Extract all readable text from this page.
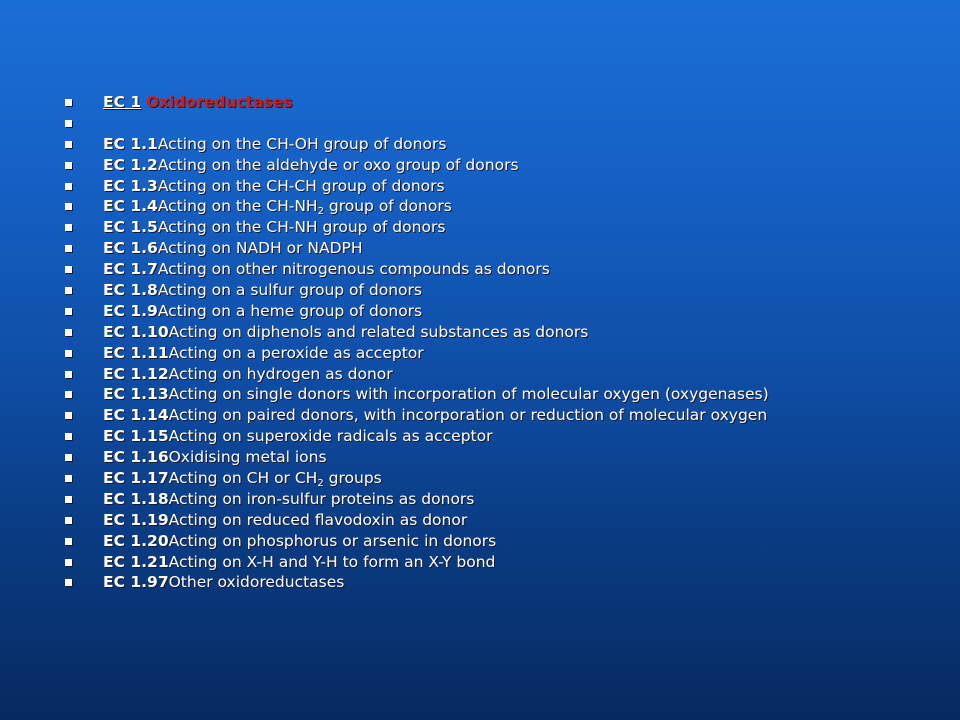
EC 1 Oxidoreductases
EC 1.1Acting on the CH-OH group of donors
EC 1.2Acting on the aldehyde or oxo group of donors
EC 1.3Acting on the CH-CH group of donors
EC 1.4Acting on the $CH-NH_2$ group of donors
EC 1.5Acting on the CH-NH group of donors
EC 1.6Acting on NADH or NADPH
EC 1.7Acting on other nitrogenous compounds as donors
EC 1.8Acting on a sulfur group of donors
EC 1.9Acting on a heme group of donors
EC 1.10Acting on diphenols and related substances as donors
EC 1.11Acting on a peroxide as acceptor
EC 1.12Acting on hydrogen as donor
EC 1.13Acting on single donors with incorporation of molecular oxygen (oxygenases)
EC 1.14Acting on paired donors, with incorporation or reduction of molecular oxygen
EC 1.15Acting on superoxide radicals as acceptor
EC 1.16Oxidising metal ions
EC 1.17Acting on CH or $CH_2$ groups
EC 1.18Acting on iron-sulfur proteins as donors
EC 1.19Acting on reduced flavodoxin as donor
EC 1.20Acting on phosphorus or arsenic in donors
EC 1.21Acting on X-H and Y-H to form an X-Y bond
EC 1.97Other oxidoreductases
